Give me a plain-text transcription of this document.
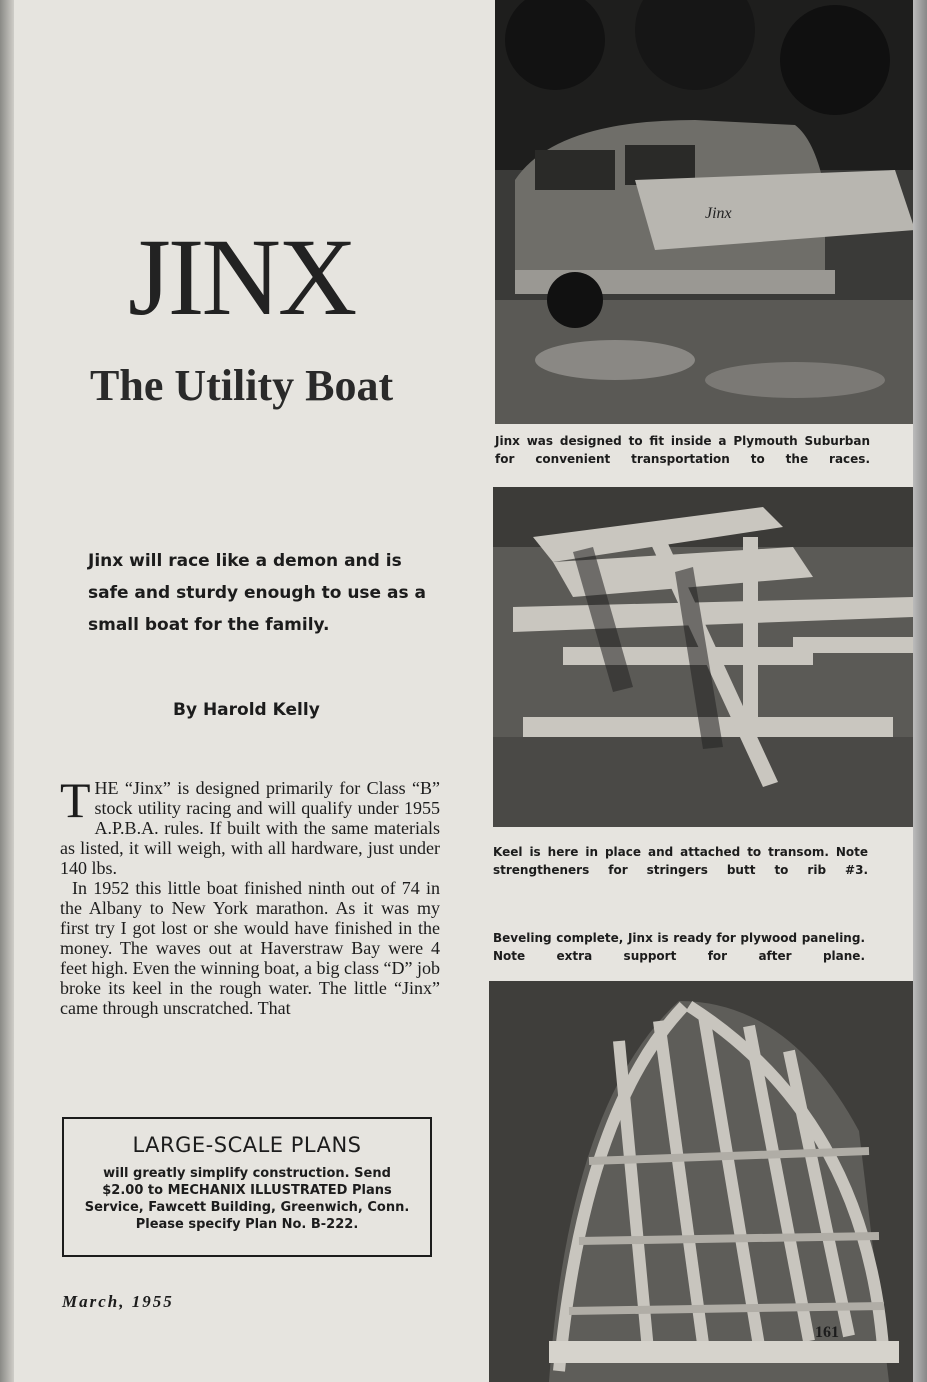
JINX
The Utility Boat
Jinx will race like a demon and is safe and sturdy enough to use as a small boat for the family.
By Harold Kelly

THE “Jinx” is designed primarily for Class “B” stock utility racing and will qualify under 1955 A.P.B.A. rules. If built with the same materials as listed, it will weigh, with all hardware, just under 140 lbs.

In 1952 this little boat finished ninth out of 74 in the Albany to New York marathon. As it was my first try I got lost or she would have finished in the money. The waves out at Haverstraw Bay were 4 feet high. Even the winning boat, a big class “D” job broke its keel in the rough water. The little “Jinx” came through unscratched. That

LARGE-SCALE PLANS
will greatly simplify construction. Send $2.00 to MECHANIX ILLUSTRATED Plans Service, Fawcett Building, Greenwich, Conn. Please specify Plan No. B-222.
March, 1955
Jinx
Jinx was designed to fit inside a Plymouth Suburban for convenient transportation to the races.
Keel is here in place and attached to transom. Note strengtheners for stringers butt to rib #3.
Beveling complete, Jinx is ready for plywood paneling. Note extra support for after plane.
161
